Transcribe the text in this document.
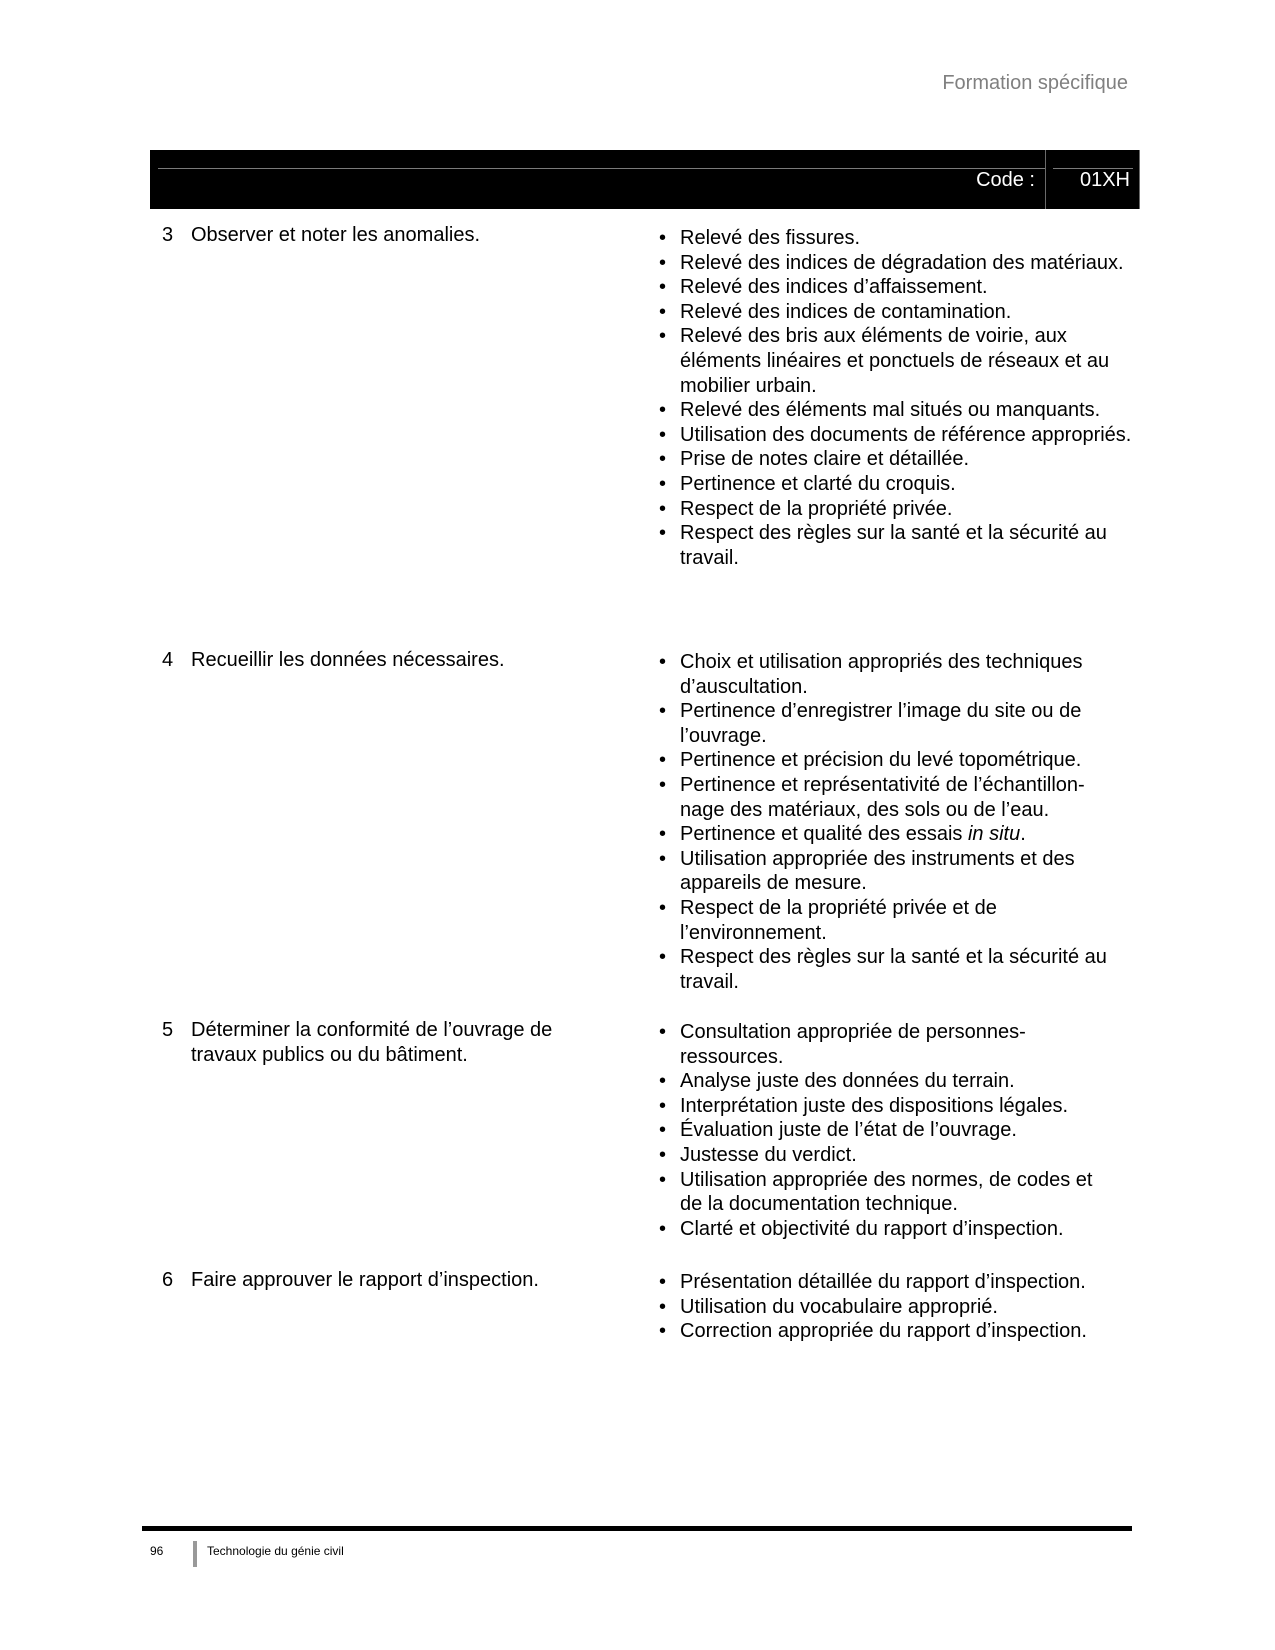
Formation spécifique
Code : 01XH
3 Observer et noter les anomalies.	• Relevé des fissures.
• Relevé des indices de dégradation des matériaux.
• Relevé des indices d’affaissement.
• Relevé des indices de contamination.
• Relevé des bris aux éléments de voirie, aux éléments linéaires et ponctuels de réseaux et au mobilier urbain.
• Relevé des éléments mal situés ou manquants.
• Utilisation des documents de référence appropriés.
• Prise de notes claire et détaillée.
• Pertinence et clarté du croquis.
• Respect de la propriété privée.
• Respect des règles sur la santé et la sécurité au travail.
4 Recueillir les données nécessaires.	• Choix et utilisation appropriés des techniques d’auscultation.
• Pertinence d’enregistrer l’image du site ou de l’ouvrage.
• Pertinence et précision du levé topométrique.
• Pertinence et représentativité de l’échantillon-nage des matériaux, des sols ou de l’eau.
• Pertinence et qualité des essais in situ.
• Utilisation appropriée des instruments et des appareils de mesure.
• Respect de la propriété privée et de l’environnement.
• Respect des règles sur la santé et la sécurité au travail.
5 Déterminer la conformité de l’ouvrage de travaux publics ou du bâtiment.
• Consultation appropriée de personnes-ressources.
• Analyse juste des données du terrain.
• Interprétation juste des dispositions légales.
• Évaluation juste de l’état de l’ouvrage.
• Justesse du verdict.
• Utilisation appropriée des normes, de codes et de la documentation technique.
• Clarté et objectivité du rapport d’inspection.
6 Faire approuver le rapport d’inspection.	• Présentation détaillée du rapport d’inspection.
• Utilisation du vocabulaire approprié.
• Correction appropriée du rapport d’inspection.
96	Technologie du génie civil
